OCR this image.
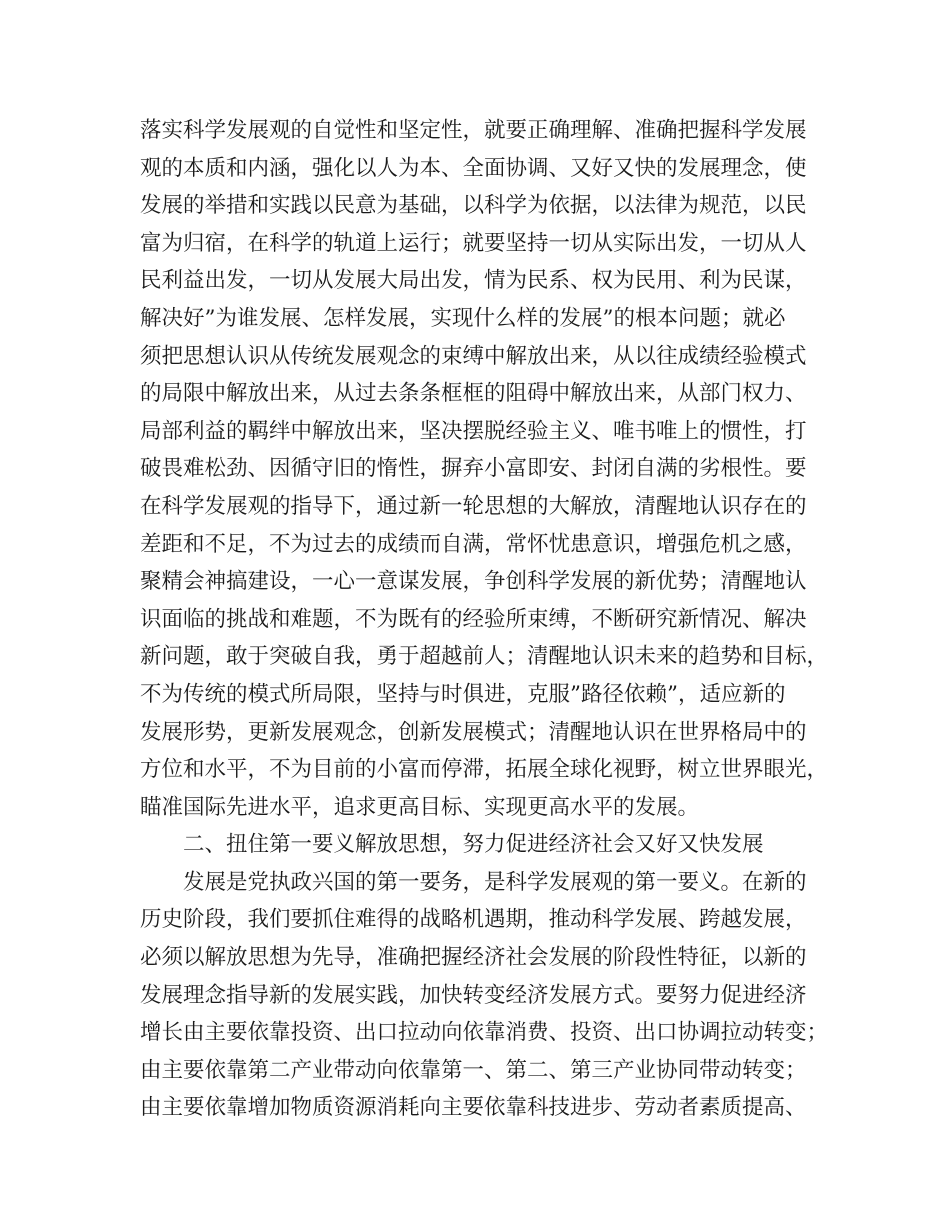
落实科学发展观的自觉性和坚定性，就要正确理解、准确把握科学发展
观的本质和内涵，强化以人为本、全面协调、又好又快的发展理念，使
发展的举措和实践以民意为基础，以科学为依据，以法律为规范，以民
富为归宿，在科学的轨道上运行；就要坚持一切从实际出发，一切从人
民利益出发，一切从发展大局出发，情为民系、权为民用、利为民谋，
解决好”为谁发展、怎样发展，实现什么样的发展”的根本问题；就必
须把思想认识从传统发展观念的束缚中解放出来，从以往成绩经验模式
的局限中解放出来，从过去条条框框的阻碍中解放出来，从部门权力、
局部利益的羁绊中解放出来，坚决摆脱经验主义、唯书唯上的惯性，打
破畏难松劲、因循守旧的惰性，摒弃小富即安、封闭自满的劣根性。要
在科学发展观的指导下，通过新一轮思想的大解放，清醒地认识存在的
差距和不足，不为过去的成绩而自满，常怀忧患意识，增强危机之感，
聚精会神搞建设，一心一意谋发展，争创科学发展的新优势；清醒地认
识面临的挑战和难题，不为既有的经验所束缚，不断研究新情况、解决
新问题，敢于突破自我，勇于超越前人；清醒地认识未来的趋势和目标，
不为传统的模式所局限，坚持与时俱进，克服”路径依赖”，适应新的
发展形势，更新发展观念，创新发展模式；清醒地认识在世界格局中的
方位和水平，不为目前的小富而停滞，拓展全球化视野，树立世界眼光，
瞄准国际先进水平，追求更高目标、实现更高水平的发展。
二、扭住第一要义解放思想，努力促进经济社会又好又快发展
发展是党执政兴国的第一要务，是科学发展观的第一要义。在新的
历史阶段，我们要抓住难得的战略机遇期，推动科学发展、跨越发展，
必须以解放思想为先导，准确把握经济社会发展的阶段性特征，以新的
发展理念指导新的发展实践，加快转变经济发展方式。要努力促进经济
增长由主要依靠投资、出口拉动向依靠消费、投资、出口协调拉动转变；
由主要依靠第二产业带动向依靠第一、第二、第三产业协同带动转变；
由主要依靠增加物质资源消耗向主要依靠科技进步、劳动者素质提高、
